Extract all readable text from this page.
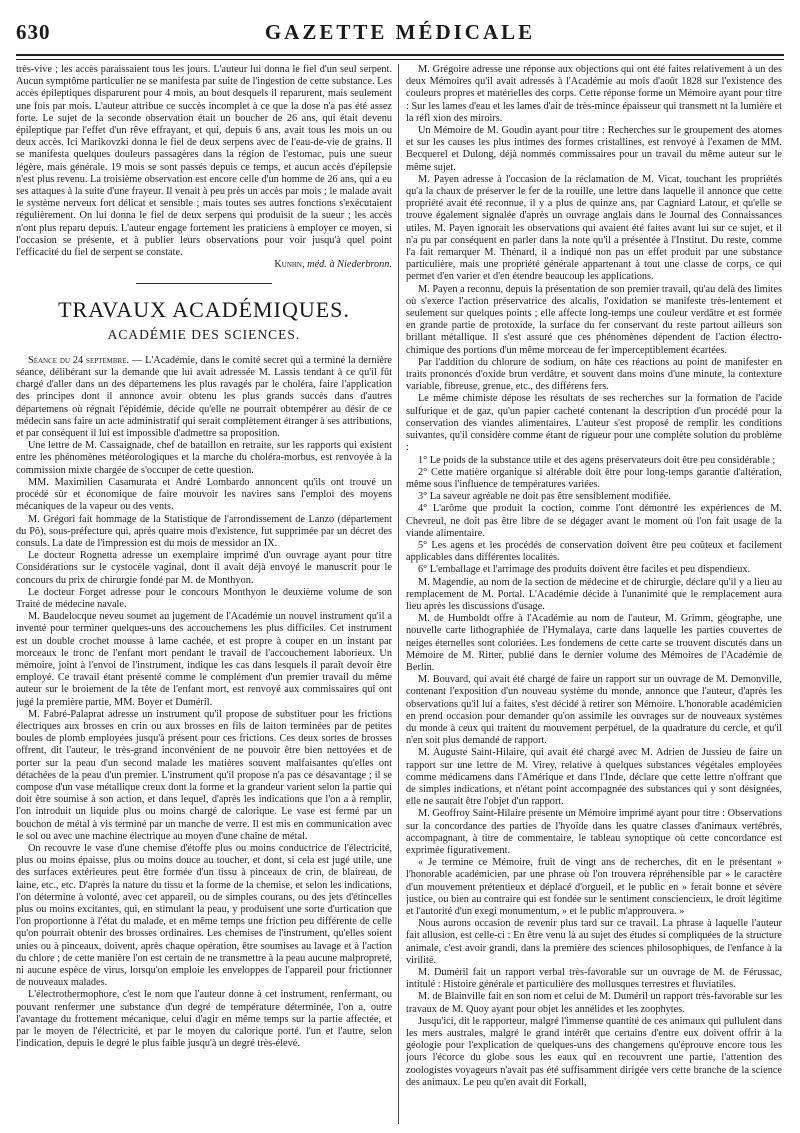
630	GAZETTE MÉDICALE

très-vive ; les accès paraissaient tous les jours. L'auteur lui donna le fiel d'un seul serpent. Aucun symptôme particulier ne se manifesta par suite de l'ingestion de cette substance. Les accès épileptiques disparurent pour 4 mois, au bout desquels il reparurent, mais seulement une fois par mois. L'auteur attribue ce succès incomplet à ce que la dose n'a pas été assez forte. Le sujet de la seconde observation était un boucher de 26 ans, qui était devenu épileptique par l'effet d'un rêve effrayant, et qui, depuis 6 ans, avait tous les mois un ou deux accès. Ici Marikovzki donna le fiel de deux serpens avec de l'eau-de-vie de grains. Il se manifesta quelques douleurs passagères dans la région de l'estomac, puis une sueur légère, mais générale. 19 mois se sont passés depuis ce temps, et aucun accès d'épilepsie n'est plus revenu. La troisième observation est encore celle d'un homme de 26 ans, qui a eu ses attaques à la suite d'une frayeur. Il venait à peu près un accès par mois ; le malade avait le système nerveux fort délicat et sensible ; mais toutes ses autres fonctions s'exécutaient régulièrement. On lui donna le fiel de deux serpens qui produisit de la sueur ; les accès n'ont plus reparu depuis. L'auteur engage fortement les praticiens à employer ce moyen, si l'occasion se présente, et à publier leurs observations pour voir jusqu'à quel point l'efficacité du fiel de serpent se constate.

Kunhn, méd. à Niederbronn.

TRAVAUX ACADÉMIQUES.
ACADÉMIE DES SCIENCES.

Séance du 24 septembre. — L'Académie, dans le comité secret qui a terminé la dernière séance, délibérant sur la demande que lui avait adressée M. Lassis tendant à ce qu'il fût chargé d'aller dans un des départemens les plus ravagés par le choléra, faire l'application des principes dont il annonce avoir obtenu les plus grands succès dans d'autres départemens où régnait l'épidémie, décide qu'elle ne pourrait obtempérer au désir de ce médecin sans faire un acte administratif qui serait complètement étranger à ses attributions, et par conséquent il lui est impossible d'admettre sa proposition.

Une lettre de M. Cassaignade, chef de bataillon en retraite, sur les rapports qui existent entre les phénomènes météorologiques et la marche du choléra-morbus, est renvoyée à la commission mixte chargée de s'occuper de cette question.

MM. Maximilien Casamurata et André Lombardo annoncent qu'ils ont trouvé un procédé sûr et économique de faire mouvoir les navires sans l'emploi des moyens mécaniques de la vapeur ou des vents.

M. Grégori fait hommage de la Statistique de l'arrondissement de Lanzo (département du Pô), sous-préfecture qui, après quatre mois d'existence, fut supprimée par un décret des consuls. La date de l'impression est du mois de messidor an IX.

Le docteur Rognetta adresse un exemplaire imprimé d'un ouvrage ayant pour titre Considérations sur le cystocèle vaginal, dont il avait déjà envoyé le manuscrit pour le concours du prix de chirurgie fondé par M. de Monthyon.

Le docteur Forget adresse pour le concours Monthyon le deuxième volume de son Traité de médecine navale.

M. Baudelocque neveu soumet au jugement de l'Académie un nouvel instrument qu'il a inventé pour terminer quelques-uns des accouchemens les plus difficiles. Cet instrument est un double crochet mousse à lame cachée, et est propre à couper en un instant par morceaux le tronc de l'enfant mort pendant le travail de l'accouchement laborieux. Un mémoire, joint à l'envoi de l'instrument, indique les cas dans lesquels il paraît devoir être employé. Ce travail étant présenté comme le complément d'un premier travail du même auteur sur le broiement de la tête de l'enfant mort, est renvoyé aux commissaires qui ont jugé la première partie, MM. Boyer et Duméril.

M. Fabré-Palaprat adresse un instrument qu'il propose de substituer pour les frictions électriques aux brosses en crin ou aux brosses en fils de laiton terminées par de petites boules de plomb employées jusqu'à présent pour ces frictions. Ces deux sortes de brosses offrent, dit l'auteur, le très-grand inconvénient de ne pouvoir être bien nettoyées et de porter sur la peau d'un second malade les matières souvent malfaisantes qu'elles ont détachées de la peau d'un premier. L'instrument qu'il propose n'a pas ce désavantage ; il se compose d'un vase métallique creux dont la forme et la grandeur varient selon la partie qui doit être soumise à son action, et dans lequel, d'après les indications que l'on a à remplir, l'on introduit un liquide plus ou moins chargé de calorique. Le vase est fermé par un bouchon de métal à vis terminé par un manche de verre. Il est mis en communication avec le sol ou avec une machine électrique au moyen d'une chaîne de métal.

On recouvre le vase d'une chemise d'étoffe plus ou moins conductrice de l'électricité, plus ou moins épaisse, plus ou moins douce au toucher, et dont, si cela est jugé utile, une des surfaces extérieures peut être formée d'un tissu à pinceaux de crin, de blaireau, de laine, etc., etc. D'après la nature du tissu et la forme de la chemise, et selon les indications, l'on détermine à volonté, avec cet appareil, ou de simples courans, ou des jets d'étincelles plus ou moins excitantes, qui, en stimulant la peau, y produisent une sorte d'urtication que l'on proportionne à l'état du malade, et en même temps une friction peu différente de celle qu'on pourrait obtenir des brosses ordinaires. Les chemises de l'instrument, qu'elles soient unies ou à pinceaux, doivent, après chaque opération, être soumises au lavage et à l'action du chlore ; de cette manière l'on est certain de ne transmettre à la peau aucune malpropreté, ni aucune espèce de virus, lorsqu'on emploie les enveloppes de l'appareil pour frictionner de nouveaux malades.

L'électrothermophore, c'est le nom que l'auteur donne à cet instrument, renfermant, ou pouvant renfermer une substance d'un degré de température déterminée, l'on a, outre l'avantage du frottement mécanique, celui d'agir en même temps sur la partie affectée, et par le moyen de l'électricité, et par le moyen du calorique porté. l'un et l'autre, selon l'indication, depuis le degré le plus faible jusqu'à un degré très-élevé.

M. Grégoire adresse une réponse aux objections qui ont été faites relativement à un des deux Mémoires qu'il avait adressés à l'Académie au mois d'août 1828 sur l'existence des couleurs propres et matérielles des corps. Cette réponse forme un Mémoire ayant pour titre : Sur les lames d'eau et les lames d'air de très-mince épaisseur qui transmett nt la lumière et la réfl xion des miroirs.

Un Mémoire de M. Goudin ayant pour titre : Recherches sur le groupement des atomes et sur les causes les plus intimes des formes cristallines, est renvoyé à l'examen de MM. Becquerel et Dulong, déjà nommés commissaires pour un travail du même auteur sur le même sujet.

M. Payen adresse à l'occasion de la réclamation de M. Vicat, touchant les propriétés qu'a la chaux de préserver le fer de la rouille, une lettre dans laquelle il annonce que cette propriété avait été reconnue, il y a plus de quinze ans, par Cagniard Latour, et qu'elle se trouve également signalée d'après un ouvrage anglais dans le Journal des Connaissances utiles. M. Payen ignorait les observations qui avaient été faites avant lui sur ce sujet, et il n'a pu par conséquent en parler dans la note qu'il a présentée à l'Institut. Du reste, comme l'a fait remarquer M. Thénard, il a indiqué non pas un effet produit par une substance particulière, mais une propriété générale appartenant à tout une classe de corps, ce qui permet d'en varier et d'en étendre beaucoup les applications.

M. Payen a reconnu, depuis la présentation de son premier travail, qu'au delà des limites où s'exerce l'action préservatrice des alcalis, l'oxidation se manifeste très-lentement et seulement sur quelques points ; elle affecte long-temps une couleur verdâtre et est formée en grande partie de protoxide, la surface du fer conservant du reste partout ailleurs son brillant métallique. Il s'est assuré que ces phénomènes dépendent de l'action électro-chimique des portions d'un même morceau de fer imperceptiblement écartées.

Par l'addition du chlorure de sodium, on hâte ces réactions au point de manifester en traits prononcés d'oxide brun verdâtre, et souvent dans moins d'une minute, la contexture variable, fibreuse, grenue, etc., des différens fers.

Le même chimiste dépose les résultats de ses recherches sur la formation de l'acide sulfurique et de gaz, qu'un papier cacheté contenant la description d'un procédé pour la conservation des viandes alimentaires. L'auteur s'est proposé de remplir les conditions suivantes, qu'il considère comme étant de rigueur pour une complète solution du problème :

1° Le poids de la substance utile et des agens préservateurs doit être peu considérable ;

2° Cette matière organique si altérable doit être pour long-temps garantie d'altération, même sous l'influence de températures variées.

3° La saveur agréable ne doit pas être sensiblement modifiée.

4° L'arôme que produit la coction, comme l'ont démontré les expériences de M. Chevreul, ne doit pas être libre de se dégager avant le moment où l'on fait usage de la viande alimentaire.

5° Les agens et les procédés de conservation doivent être peu coûteux et facilement applicables dans différentes localités.

6° L'emballage et l'arrimage des produits doivent être faciles et peu dispendieux.

M. Magendie, au nom de la section de médecine et de chirurgie, déclare qu'il y a lieu au remplacement de M. Portal. L'Académie décide à l'unanimité que le remplacement aura lieu après les discussions d'usage.

M. de Humboldt offre à l'Académie au nom de l'auteur, M. Grimm, géographe, une nouvelle carte lithographiée de l'Hymalaya, carte dans laquelle les parties couvertes de neiges éternelles sont coloriées. Les fondemens de cette carte se trouvent discutés dans un Mémoire de M. Ritter, publié dans le dernier volume des Mémoires de l'Académie de Berlin.

M. Bouvard, qui avait été chargé de faire un rapport sur un ouvrage de M. Demonville, contenant l'exposition d'un nouveau système du monde, annonce que l'auteur, d'après les observations qu'il lui a faites, s'est décidé à retirer son Mémoire. L'honorable académicien en prend occasion pour demander qu'on assimile les ouvrages sur de nouveaux systèmes du monde à ceux qui traitent du mouvement perpétuel, de la quadrature du cercle, et qu'il n'en soit plus demandé de rapport.

M. Auguste Saint-Hilaire, qui avait été chargé avec M. Adrien de Jussieu de faire un rapport sur une lettre de M. Virey, relative à quelques substances végétales employées comme médicamens dans l'Amérique et dans l'Inde, déclare que cette lettre n'offrant que de simples indications, et n'étant point accompagnée des substances qui y sont désignées, elle ne saurait être l'objet d'un rapport.

M. Geoffroy Saint-Hilaire présente un Mémoire imprimé ayant pour titre : Observations sur la concordance des parties de l'hyoïde dans les quatre classes d'animaux vertébrés, accompagnant, à titre de commentaire, le tableau synoptique où cette concordance est exprimée figurativement.

« Je termine ce Mémoire, fruit de vingt ans de recherches, dit en le présentant » l'honorable académicien, par une phrase où l'on trouvera répréhensible par » le caractère d'un mouvement prétentieux et déplacé d'orgueil, et le public en » ferait bonne et sévère justice, ou bien au contraire qui est fondée sur le sentiment consciencieux, le droit légitime et l'autorité d'un exegi monumentum, » et le public m'approuvera. »

Nous aurons occasion de revenir plus tard sur ce travail. La phrase à laquelle l'auteur fait allusion, est celle-ci : En être venu là au sujet des études si compliquées de la structure animale, c'est avoir grandi, dans la première des sciences philosophiques, de l'enfance à la virilité.

M. Duméril fait un rapport verbal très-favorable sur un ouvrage de M. de Férussac, intitulé : Histoire générale et particulière des mollusques terrestres et fluviatiles.

M. de Blainville fait en son nom et celui de M. Duméril un rapport très-favorable sur les travaux de M. Quoy ayant pour objet les annélides et les zoophytes.

Jusqu'ici, dit le rapporteur, malgré l'immense quantité de ces animaux qui pullulent dans les mers australes, malgré le grand intérêt que certains d'entre eux doivent offrir à la géologie pour l'explication de quelques-uns des changemens qu'éprouve encore tous les jours l'écorce du globe sous les eaux qui en recouvrent une partie, l'attention des zoologistes voyageurs n'avait pas été suffisamment dirigée vers cette branche de la science des animaux. Le peu qu'en avait dit Forkall,
